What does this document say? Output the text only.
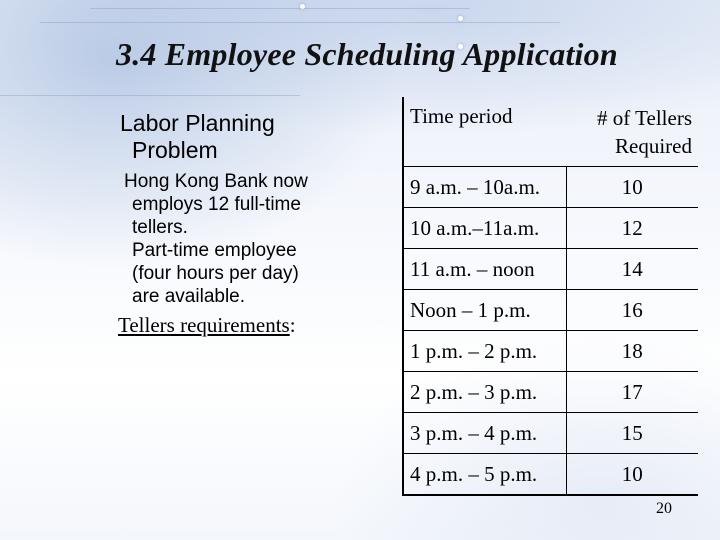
3.4 Employee Scheduling Application
Labor Planning
Problem
Hong Kong Bank now
employs 12 full-time
tellers.
Part-time employee
(four hours per day)
are available.
Tellers requirements:
Time period	# of Tellers
Required
9 a.m. – 10a.m.	10
10 a.m.–11a.m.	12
11 a.m. – noon	14
Noon – 1 p.m.	16
1 p.m. – 2 p.m.	18
2 p.m. – 3 p.m.	17
3 p.m. – 4 p.m.	15
4 p.m. – 5 p.m.	10
20
